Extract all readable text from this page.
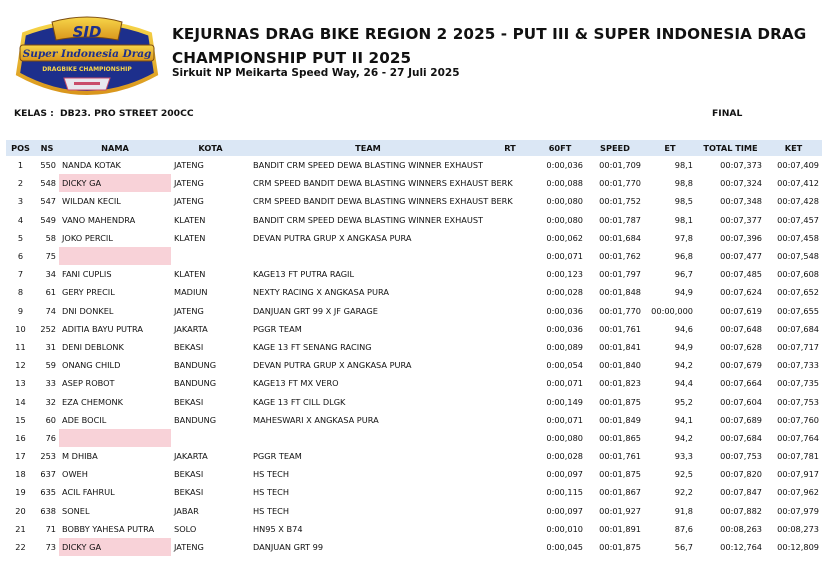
SID
Super Indonesia Drag
DRAGBIKE CHAMPIONSHIP
KEJURNAS DRAG BIKE REGION 2 2025 - PUT III & SUPER INDONESIA DRAG
CHAMPIONSHIP PUT II 2025
Sirkuit NP Meikarta Speed Way, 26 - 27 Juli 2025
KELAS : DB23. PRO STREET 200CC	FINAL
POS	NS	NAMA	KOTA	TEAM	RT	60FT	SPEED	ET	TOTAL TIME	KET
1	550	NANDA KOTAK	JATENG	BANDIT CRM SPEED DEWA BLASTING WINNER EXHAUST		0:00,036	00:01,709	98,1	00:07,373	00:07,409
2	548	DICKY GA	JATENG	CRM SPEED BANDIT DEWA BLASTING WINNERS EXHAUST BERK		0:00,088	00:01,770	98,8	00:07,324	00:07,412
3	547	WILDAN KECIL	JATENG	CRM SPEED BANDIT DEWA BLASTING WINNERS EXHAUST BERK		0:00,080	00:01,752	98,5	00:07,348	00:07,428
4	549	VANO MAHENDRA	KLATEN	BANDIT CRM SPEED DEWA BLASTING WINNER EXHAUST		0:00,080	00:01,787	98,1	00:07,377	00:07,457
5	58	JOKO PERCIL	KLATEN	DEVAN PUTRA GRUP X ANGKASA PURA		0:00,062	00:01,684	97,8	00:07,396	00:07,458
6	75					0:00,071	00:01,762	96,8	00:07,477	00:07,548
7	34	FANI CUPLIS	KLATEN	KAGE13 FT PUTRA RAGIL		0:00,123	00:01,797	96,7	00:07,485	00:07,608
8	61	GERY PRECIL	MADIUN	NEXTY RACING X ANGKASA PURA		0:00,028	00:01,848	94,9	00:07,624	00:07,652
9	74	DNI DONKEL	JATENG	DANJUAN GRT 99 X JF GARAGE		0:00,036	00:01,770	00:00,000	00:07,619	00:07,655
10	252	ADITIA BAYU PUTRA	JAKARTA	PGGR TEAM		0:00,036	00:01,761	94,6	00:07,648	00:07,684
11	31	DENI DEBLONK	BEKASI	KAGE 13 FT SENANG RACING		0:00,089	00:01,841	94,9	00:07,628	00:07,717
12	59	ONANG CHILD	BANDUNG	DEVAN PUTRA GRUP X ANGKASA PURA		0:00,054	00:01,840	94,2	00:07,679	00:07,733
13	33	ASEP ROBOT	BANDUNG	KAGE13 FT MX VERO		0:00,071	00:01,823	94,4	00:07,664	00:07,735
14	32	EZA CHEMONK	BEKASI	KAGE 13 FT CILL DLGK		0:00,149	00:01,875	95,2	00:07,604	00:07,753
15	60	ADE BOCIL	BANDUNG	MAHESWARI X ANGKASA PURA		0:00,071	00:01,849	94,1	00:07,689	00:07,760
16	76					0:00,080	00:01,865	94,2	00:07,684	00:07,764
17	253	M DHIBA	JAKARTA	PGGR TEAM		0:00,028	00:01,761	93,3	00:07,753	00:07,781
18	637	OWEH	BEKASI	HS TECH		0:00,097	00:01,875	92,5	00:07,820	00:07,917
19	635	ACIL FAHRUL	BEKASI	HS TECH		0:00,115	00:01,867	92,2	00:07,847	00:07,962
20	638	SONEL	JABAR	HS TECH		0:00,097	00:01,927	91,8	00:07,882	00:07,979
21	71	BOBBY YAHESA PUTRA	SOLO	HN95 X B74		0:00,010	00:01,891	87,6	00:08,263	00:08,273
22	73	DICKY GA	JATENG	DANJUAN GRT 99		0:00,045	00:01,875	56,7	00:12,764	00:12,809
